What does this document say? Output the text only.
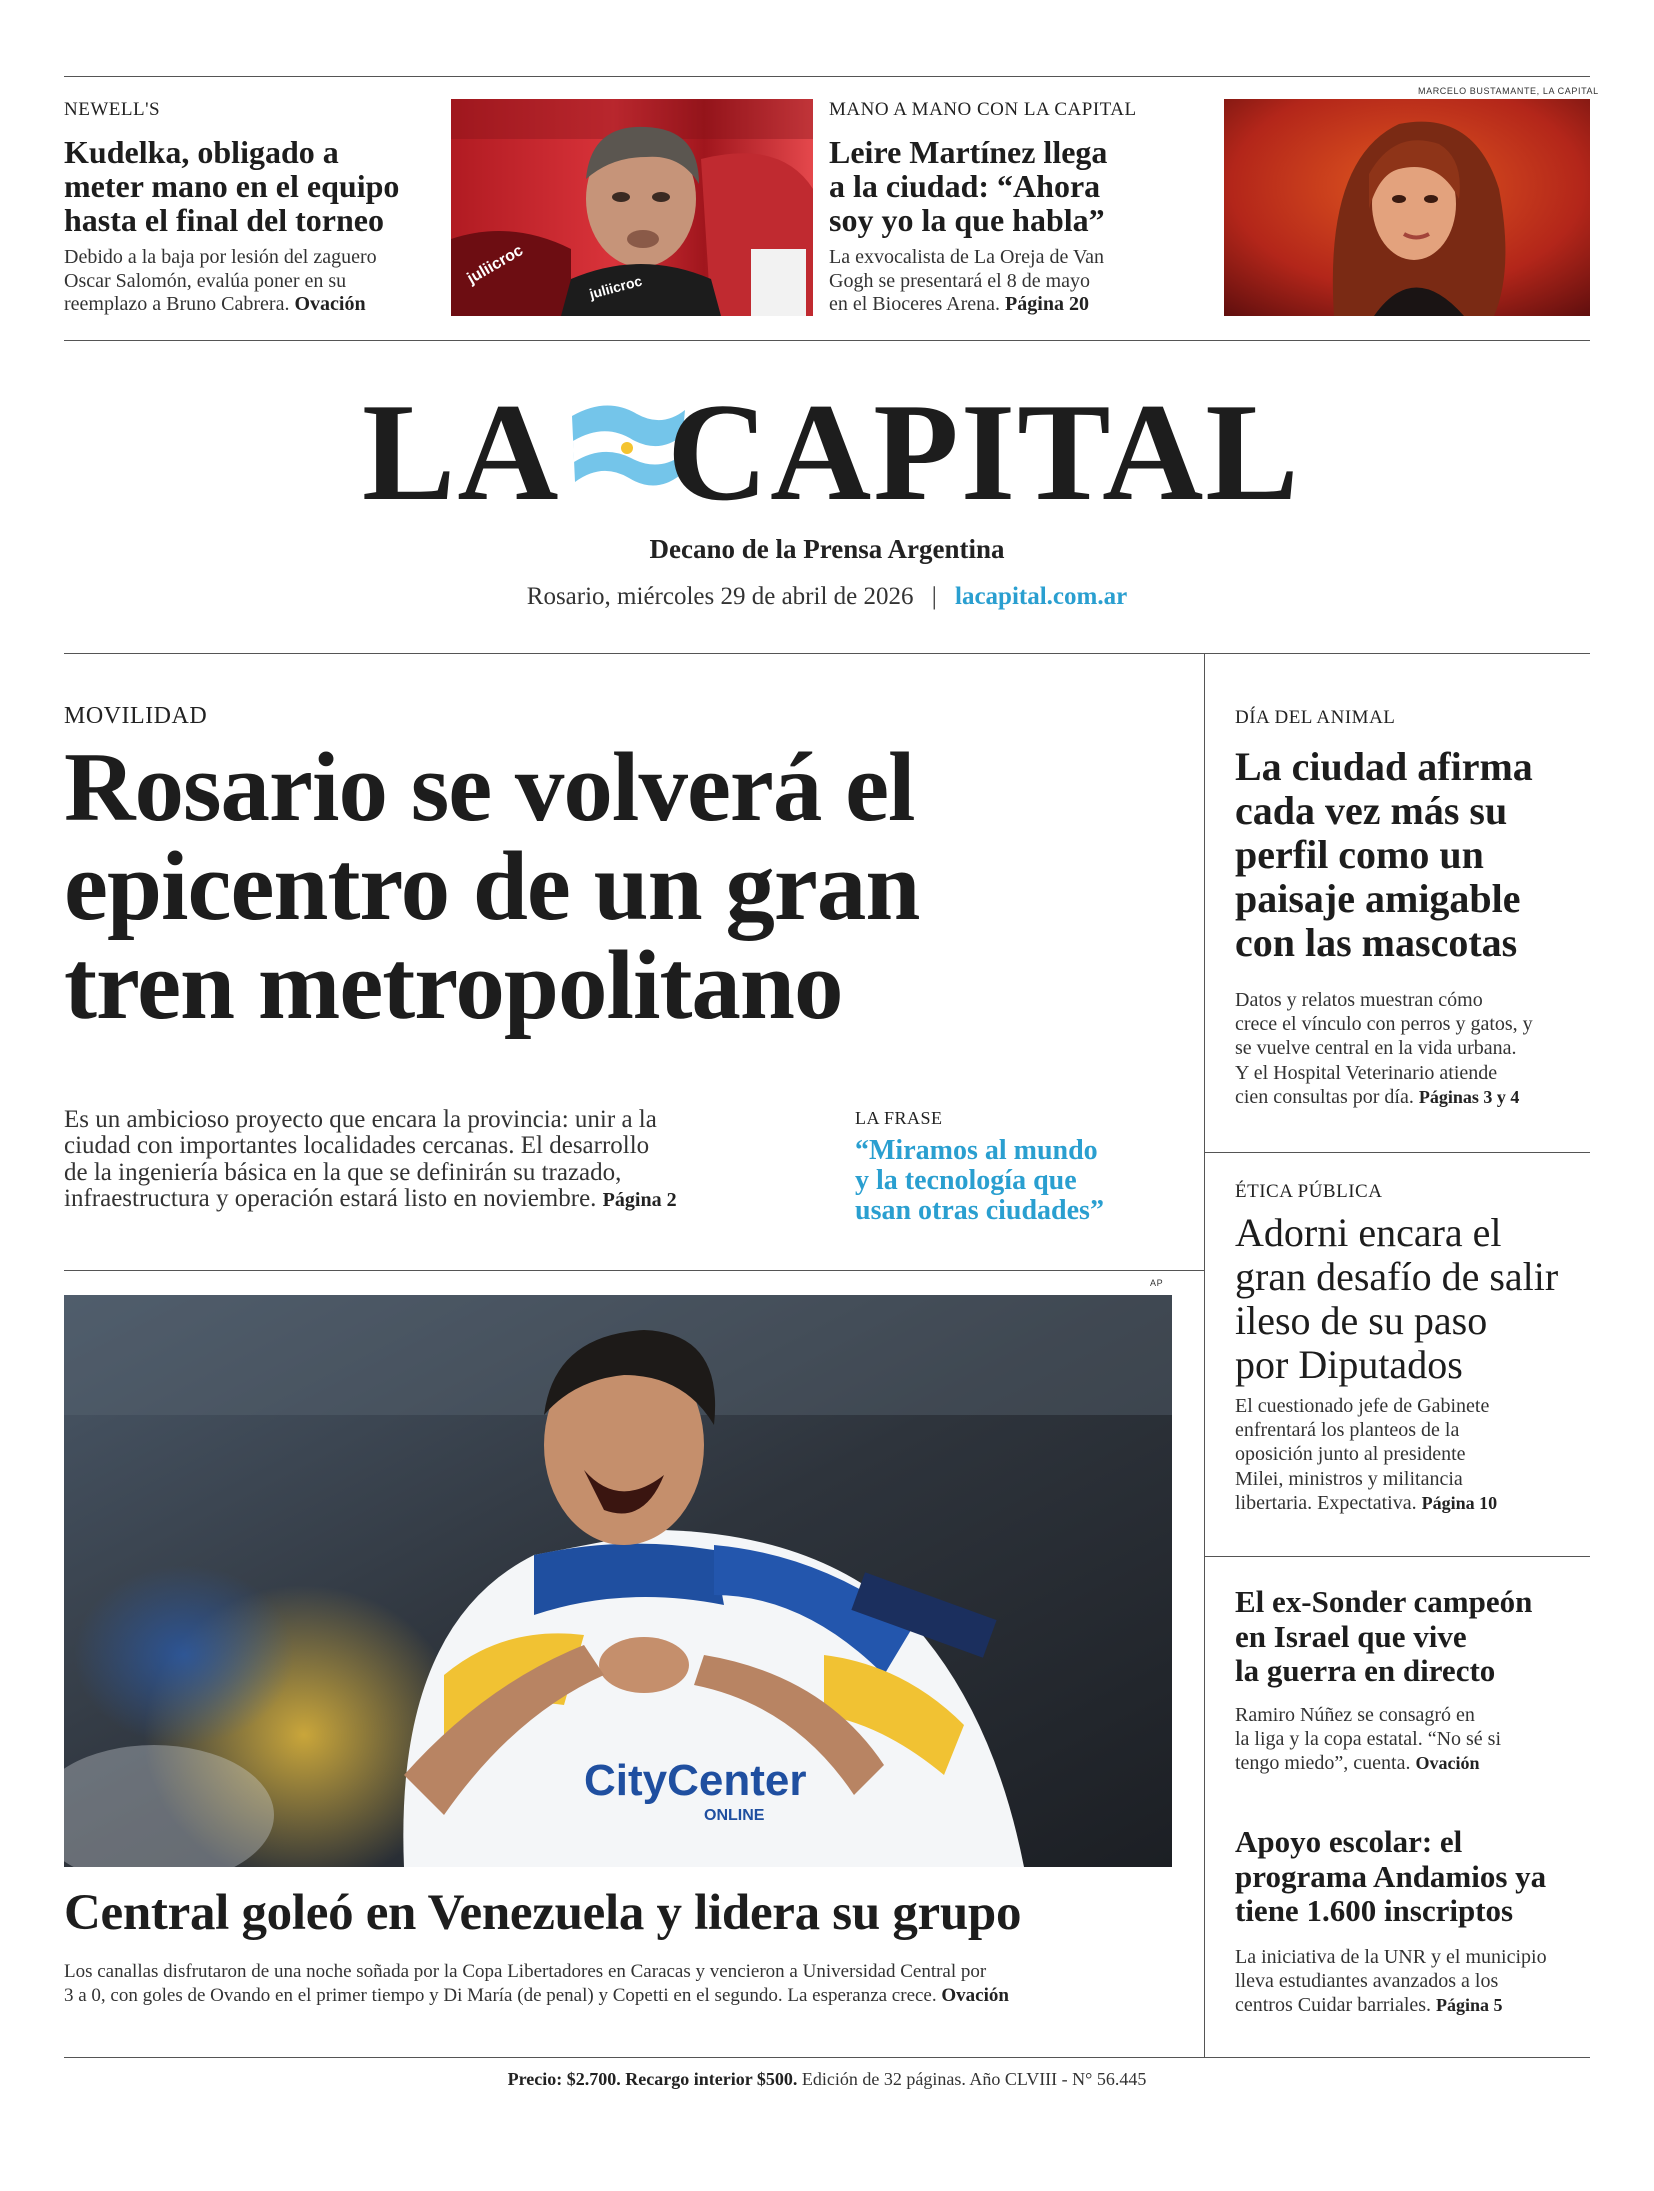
NEWELL'S
Kudelka, obligado a
meter mano en el equipo
hasta el final del torneo
Debido a la baja por lesión del zaguero
Oscar Salomón, evalúa poner en su
reemplazo a Bruno Cabrera. Ovación
juliicroc	juliicroc
MANO A MANO CON LA CAPITAL
Leire Martínez llega
a la ciudad: “Ahora
soy yo la que habla”
La exvocalista de La Oreja de Van
Gogh se presentará el 8 de mayo
en el Bioceres Arena. Página 20
MARCELO BUSTAMANTE, LA CAPITAL
LA CAPITAL
Decano de la Prensa Argentina
Rosario, miércoles 29 de abril de 2026 | lacapital.com.ar
MOVILIDAD
Rosario se volverá el
epicentro de un gran
tren metropolitano
Es un ambicioso proyecto que encara la provincia: unir a la
ciudad con importantes localidades cercanas. El desarrollo
de la ingeniería básica en la que se definirán su trazado,
infraestructura y operación estará listo en noviembre. Página 2
LA FRASE
“Miramos al mundo
y la tecnología que
usan otras ciudades”
AP
CityCenter
ONLINE
Central goleó en Venezuela y lidera su grupo
Los canallas disfrutaron de una noche soñada por la Copa Libertadores en Caracas y vencieron a Universidad Central por
3 a 0, con goles de Ovando en el primer tiempo y Di María (de penal) y Copetti en el segundo. La esperanza crece. Ovación
DÍA DEL ANIMAL
La ciudad afirma
cada vez más su
perfil como un
paisaje amigable
con las mascotas
Datos y relatos muestran cómo
crece el vínculo con perros y gatos, y
se vuelve central en la vida urbana.
Y el Hospital Veterinario atiende
cien consultas por día. Páginas 3 y 4
ÉTICA PÚBLICA
Adorni encara el
gran desafío de salir
ileso de su paso
por Diputados
El cuestionado jefe de Gabinete
enfrentará los planteos de la
oposición junto al presidente
Milei, ministros y militancia
libertaria. Expectativa. Página 10
El ex-Sonder campeón
en Israel que vive
la guerra en directo
Ramiro Núñez se consagró en
la liga y la copa estatal. “No sé si
tengo miedo”, cuenta. Ovación
Apoyo escolar: el
programa Andamios ya
tiene 1.600 inscriptos
La iniciativa de la UNR y el municipio
lleva estudiantes avanzados a los
centros Cuidar barriales. Página 5
Precio: $2.700. Recargo interior $500. Edición de 32 páginas. Año CLVIII - N° 56.445
